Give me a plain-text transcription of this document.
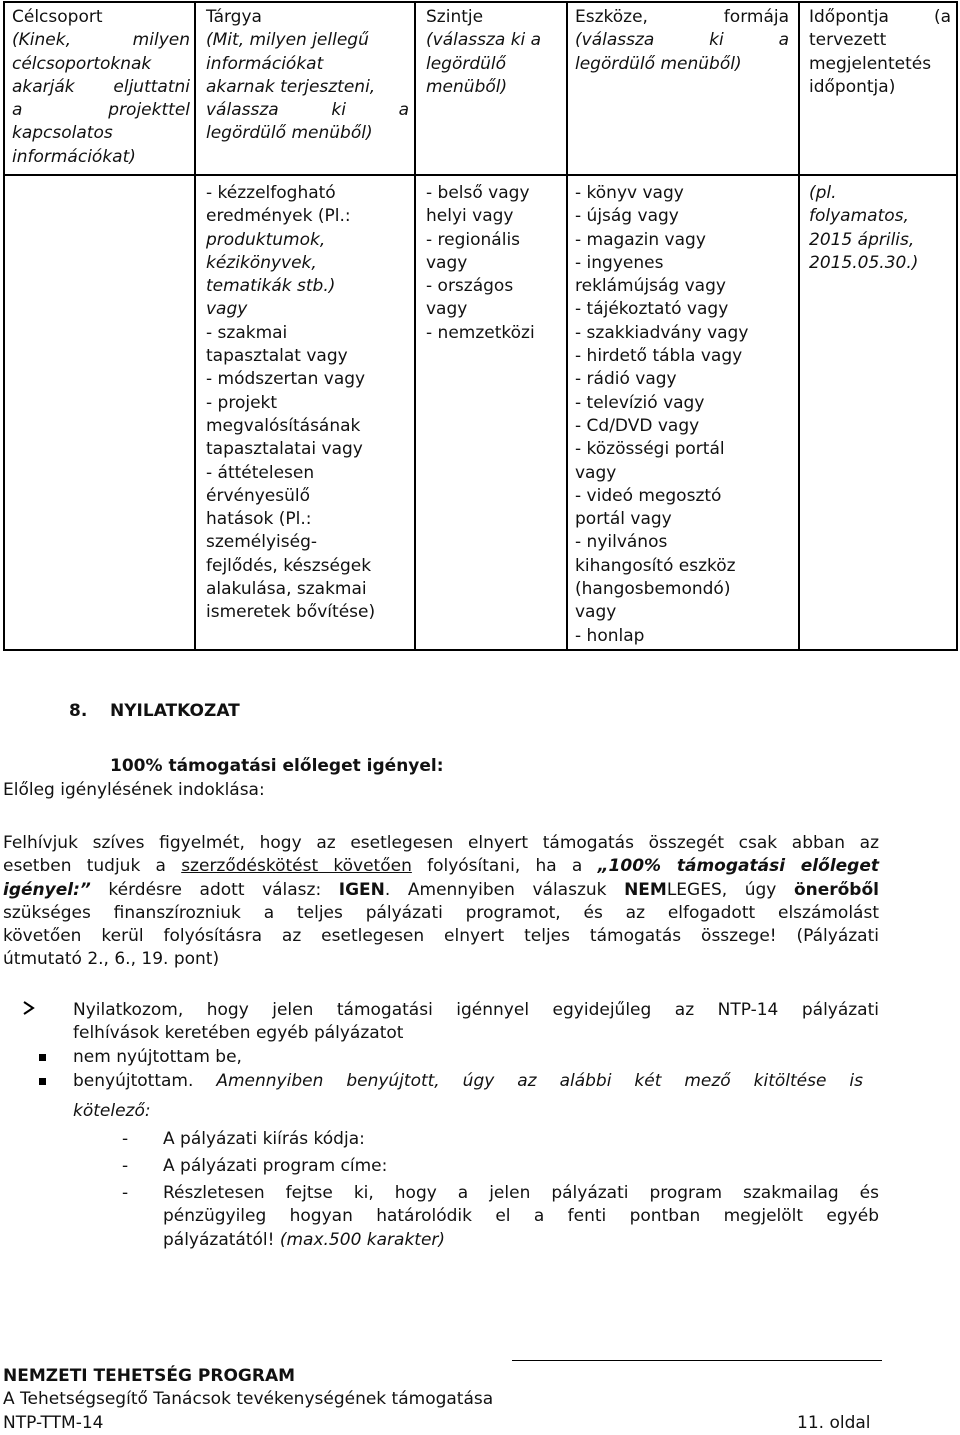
Célcsoport
(Kinek, milyen
célcsoportoknak
akarják eljuttatni
a projekttel
kapcsolatos
információkat)
Tárgya
(Mit, milyen jellegű
információkat
akarnak terjeszteni,
válassza ki a
legördülő menüből)
Szintje
(válassza ki a
legördülő
menüből)
Eszköze, formája
(válassza ki a
legördülő menüből)
Időpontja (a
tervezett
megjelentetés
időpontja)
- kézzelfogható
eredmények (Pl.:
produktumok,
kézikönyvek,
tematikák stb.)
vagy
- szakmai
tapasztalat vagy
- módszertan vagy
- projekt
megvalósításának
tapasztalatai vagy
- áttételesen
érvényesülő
hatások (Pl.:
személyiség-
fejlődés, készségek
alakulása, szakmai
ismeretek bővítése)
- belső vagy
helyi vagy
- regionális
vagy
- országos
vagy
- nemzetközi
- könyv vagy
- újság vagy
- magazin vagy
- ingyenes
reklámújság vagy
- tájékoztató vagy
- szakkiadvány vagy
- hirdető tábla vagy
- rádió vagy
- televízió vagy
- Cd/DVD vagy
- közösségi portál
vagy
- videó megosztó
portál vagy
- nyilvános
kihangosító eszköz
(hangosbemondó)
vagy
- honlap
(pl.
folyamatos,
2015 április,
2015.05.30.)
8. NYILATKOZAT
100% támogatási előleget igényel:
Előleg igénylésének indoklása:
Felhívjuk szíves figyelmét, hogy az esetlegesen elnyert támogatás összegét csak abban az
esetben tudjuk a szerződéskötést követően folyósítani, ha a „100% támogatási előleget
igényel:” kérdésre adott válasz: IGEN. Amennyiben válaszuk NEMLEGES, úgy önerőből
szükséges finanszírozniuk a teljes pályázati programot, és az elfogadott elszámolást
követően kerül folyósításra az esetlegesen elnyert teljes támogatás összege! (Pályázati
útmutató 2., 6., 19. pont)
Nyilatkozom, hogy jelen támogatási igénnyel egyidejűleg az NTP-14 pályázati
felhívások keretében egyéb pályázatot
nem nyújtottam be,
benyújtottam. Amennyiben benyújtott, úgy az alábbi két mező kitöltése is
kötelező:
- A pályázati kiírás kódja:
- A pályázati program címe:
- Részletesen fejtse ki, hogy a jelen pályázati program szakmailag és
pénzügyileg hogyan határolódik el a fenti pontban megjelölt egyéb
pályázatától! (max.500 karakter)
NEMZETI TEHETSÉG PROGRAM
A Tehetségsegítő Tanácsok tevékenységének támogatása
NTP-TTM-14	11. oldal
